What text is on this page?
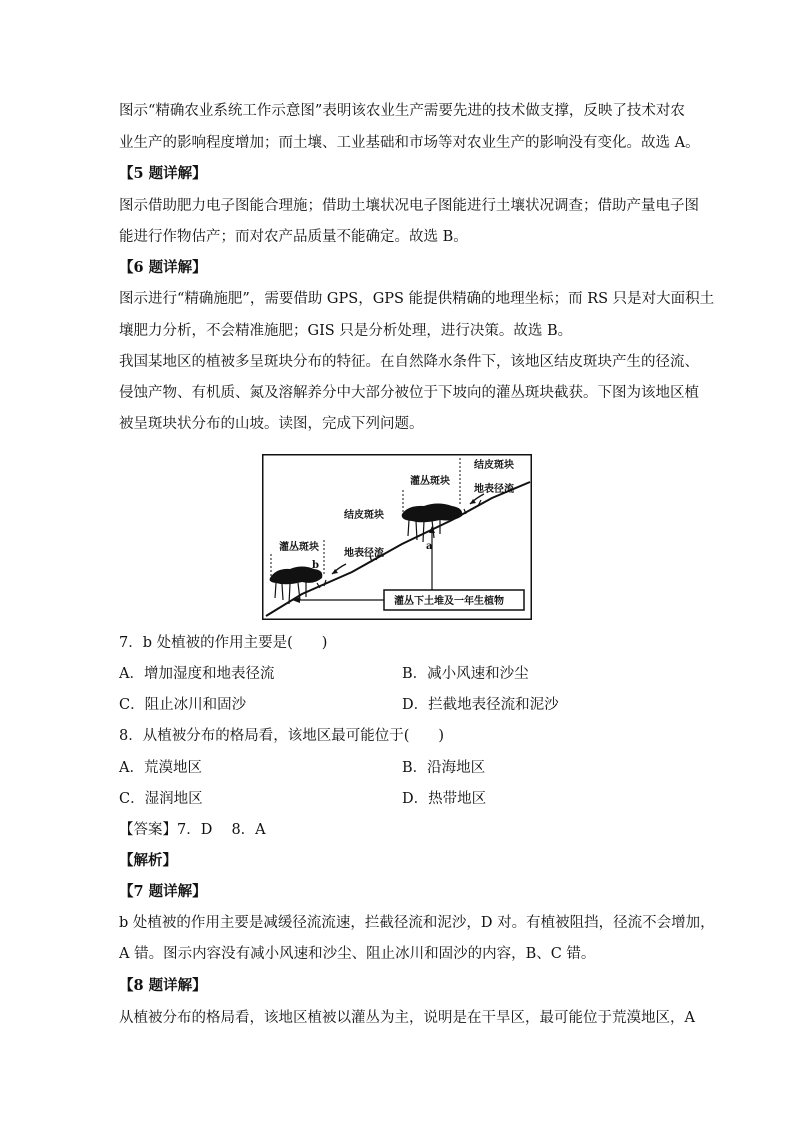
图示“精确农业系统工作示意图”表明该农业生产需要先进的技术做支撑，反映了技术对农
业生产的影响程度增加；而土壤、工业基础和市场等对农业生产的影响没有变化。故选 A。
【5 题详解】
图示借助肥力电子图能合理施；借助土壤状况电子图能进行土壤状况调查；借助产量电子图
能进行作物估产；而对农产品质量不能确定。故选 B。
【6 题详解】
图示进行“精确施肥”，需要借助 GPS，GPS 能提供精确的地理坐标；而 RS 只是对大面积土
壤肥力分析，不会精准施肥；GIS 只是分析处理，进行决策。故选 B。
我国某地区的植被多呈斑块分布的特征。在自然降水条件下，该地区结皮斑块产生的径流、
侵蚀产物、有机质、氮及溶解养分中大部分被位于下坡向的灌丛斑块截获。下图为该地区植
被呈斑块状分布的山坡。读图，完成下列问题。
灌丛斑块
b
结皮斑块
地表径流
灌丛斑块
a
结皮斑块
地表径流
灌丛下土堆及一年生植物
7．b 处植被的作用主要是(　　)
A．增加湿度和地表径流	B．减小风速和沙尘
C．阻止冰川和固沙	D．拦截地表径流和泥沙
8．从植被分布的格局看，该地区最可能位于(　　)
A．荒漠地区	B．沿海地区
C．湿润地区	D．热带地区
【答案】7．D　 8．A
【解析】
【7 题详解】
b 处植被的作用主要是减缓径流流速，拦截径流和泥沙，D 对。有植被阻挡，径流不会增加，
A 错。图示内容没有减小风速和沙尘、阻止冰川和固沙的内容，B、C 错。
【8 题详解】
从植被分布的格局看，该地区植被以灌丛为主，说明是在干旱区，最可能位于荒漠地区，A
